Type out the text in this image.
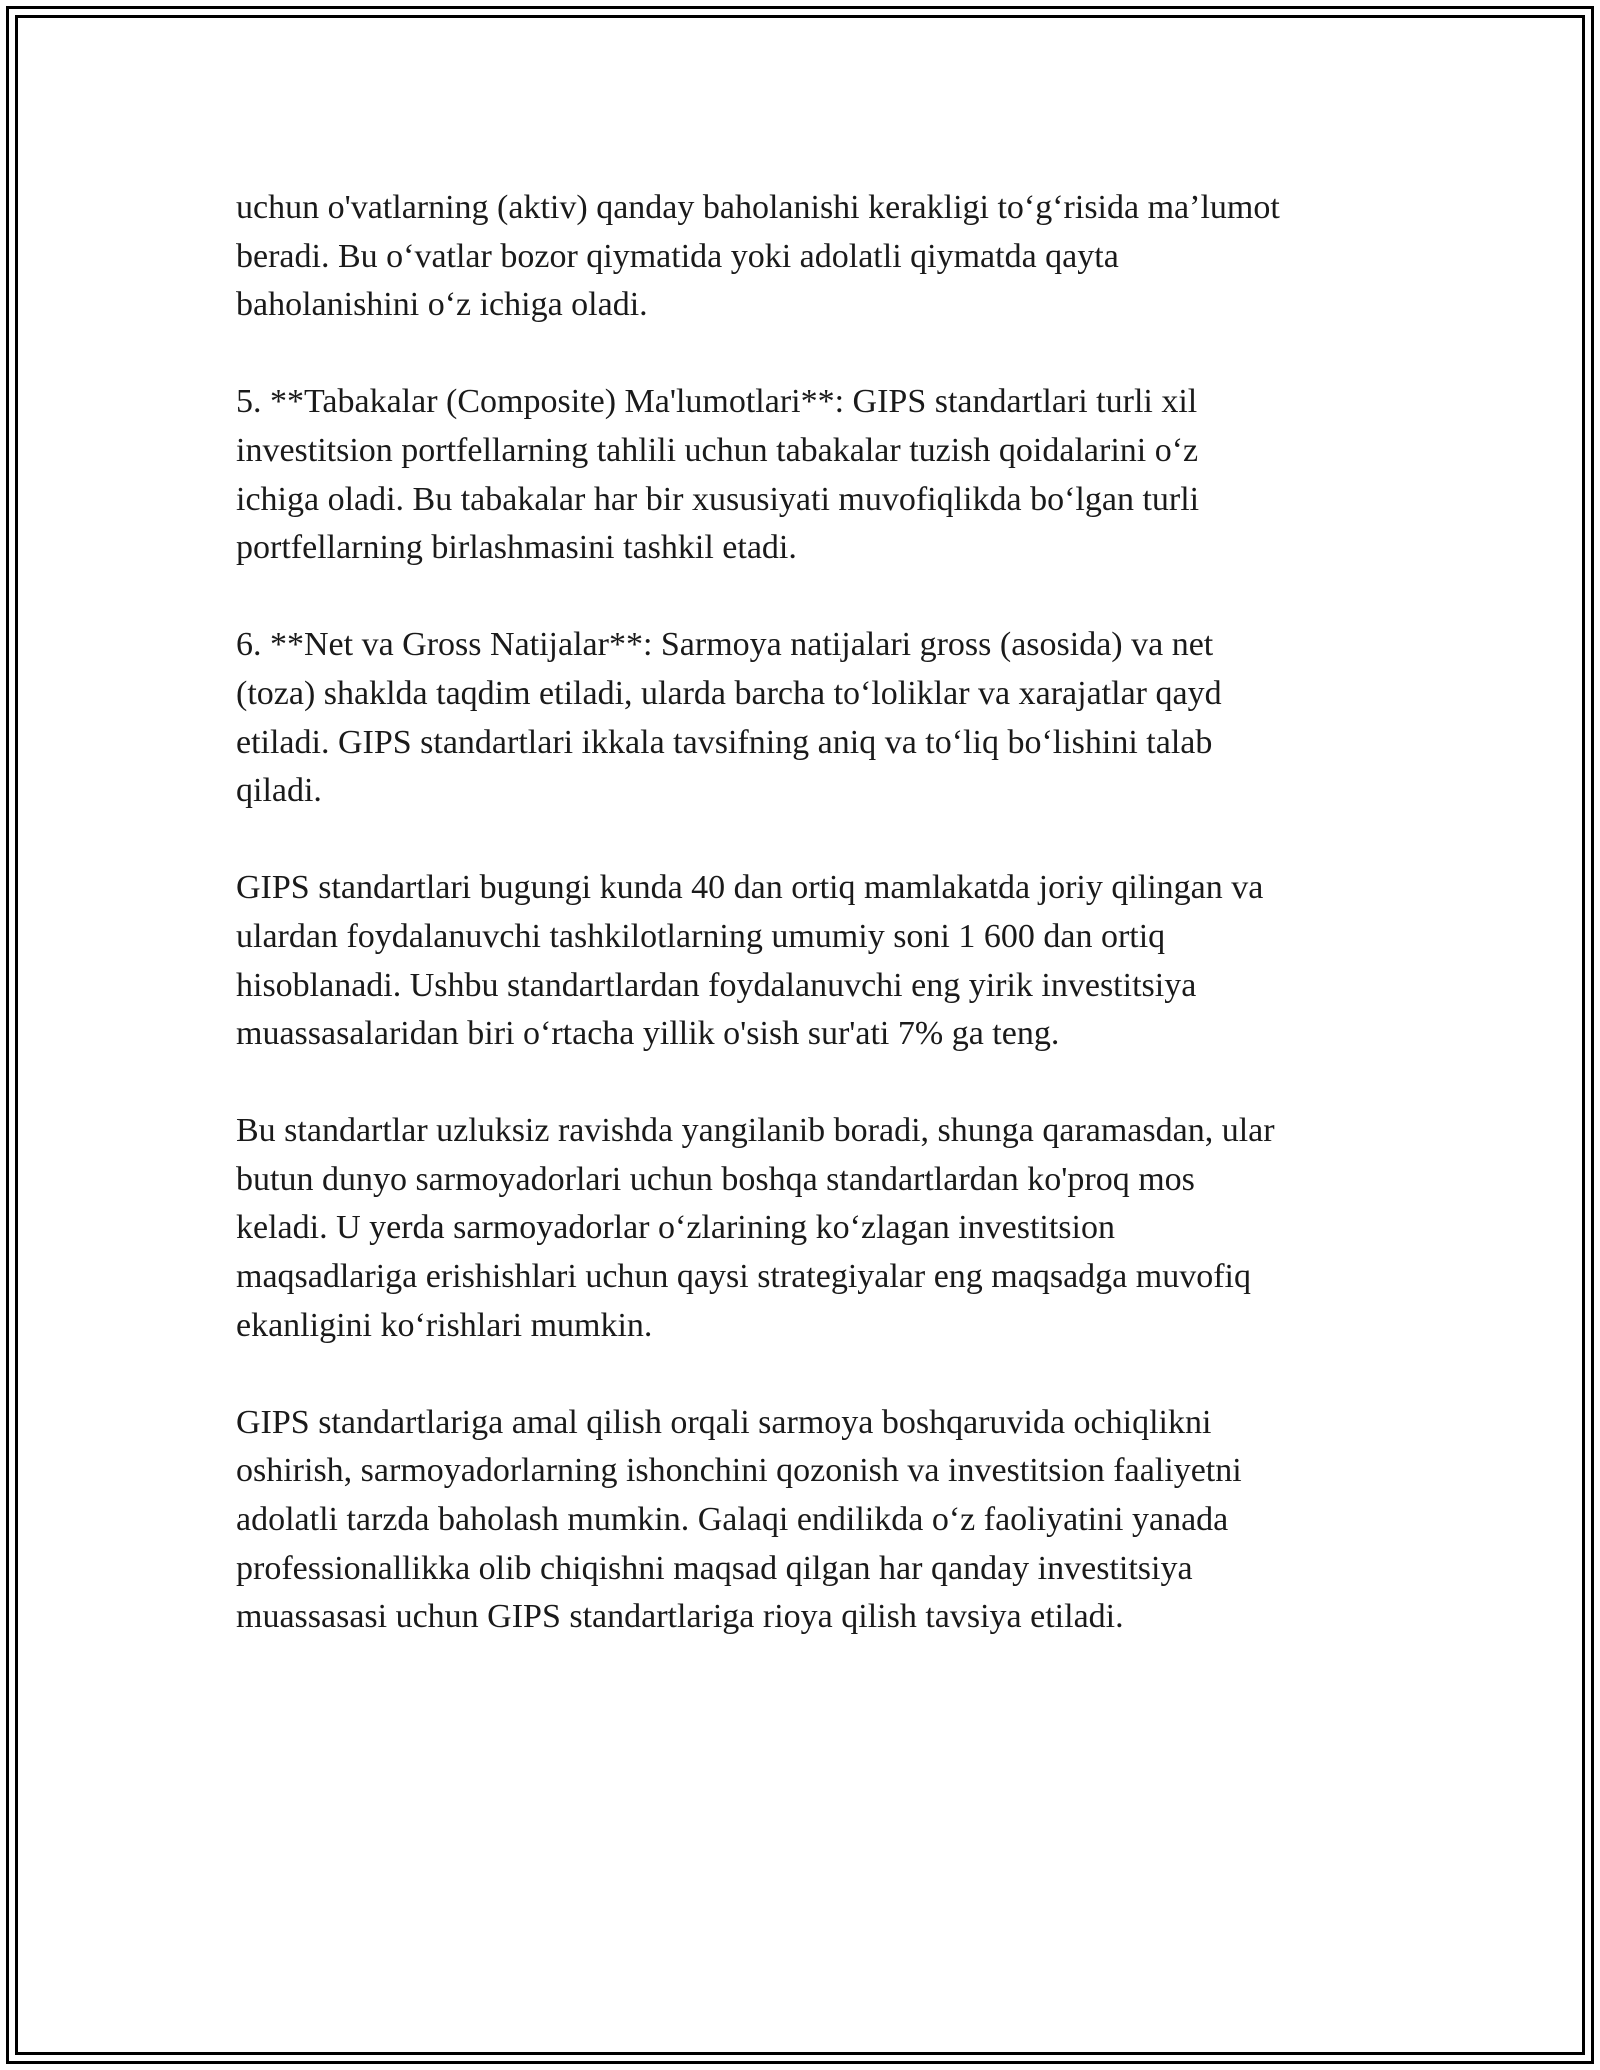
uchun o'vatlarning (aktiv) qanday baholanishi kerakligi to‘g‘risida ma’lumot
beradi. Bu o‘vatlar bozor qiymatida yoki adolatli qiymatda qayta
baholanishini o‘z ichiga oladi.

5. **Tabakalar (Composite) Ma'lumotlari**: GIPS standartlari turli xil
investitsion portfellarning tahlili uchun tabakalar tuzish qoidalarini o‘z
ichiga oladi. Bu tabakalar har bir xususiyati muvofiqlikda bo‘lgan turli
portfellarning birlashmasini tashkil etadi.

6. **Net va Gross Natijalar**: Sarmoya natijalari gross (asosida) va net
(toza) shaklda taqdim etiladi, ularda barcha to‘loliklar va xarajatlar qayd
etiladi. GIPS standartlari ikkala tavsifning aniq va to‘liq bo‘lishini talab
qiladi.

GIPS standartlari bugungi kunda 40 dan ortiq mamlakatda joriy qilingan va
ulardan foydalanuvchi tashkilotlarning umumiy soni 1 600 dan ortiq
hisoblanadi. Ushbu standartlardan foydalanuvchi eng yirik investitsiya
muassasalaridan biri o‘rtacha yillik o'sish sur'ati 7% ga teng.

Bu standartlar uzluksiz ravishda yangilanib boradi, shunga qaramasdan, ular
butun dunyo sarmoyadorlari uchun boshqa standartlardan ko'proq mos
keladi. U yerda sarmoyadorlar o‘zlarining ko‘zlagan investitsion
maqsadlariga erishishlari uchun qaysi strategiyalar eng maqsadga muvofiq
ekanligini ko‘rishlari mumkin.

GIPS standartlariga amal qilish orqali sarmoya boshqaruvida ochiqlikni
oshirish, sarmoyadorlarning ishonchini qozonish va investitsion faaliyetni
adolatli tarzda baholash mumkin. Galaqi endilikda o‘z faoliyatini yanada
professionallikka olib chiqishni maqsad qilgan har qanday investitsiya
muassasasi uchun GIPS standartlariga rioya qilish tavsiya etiladi.
